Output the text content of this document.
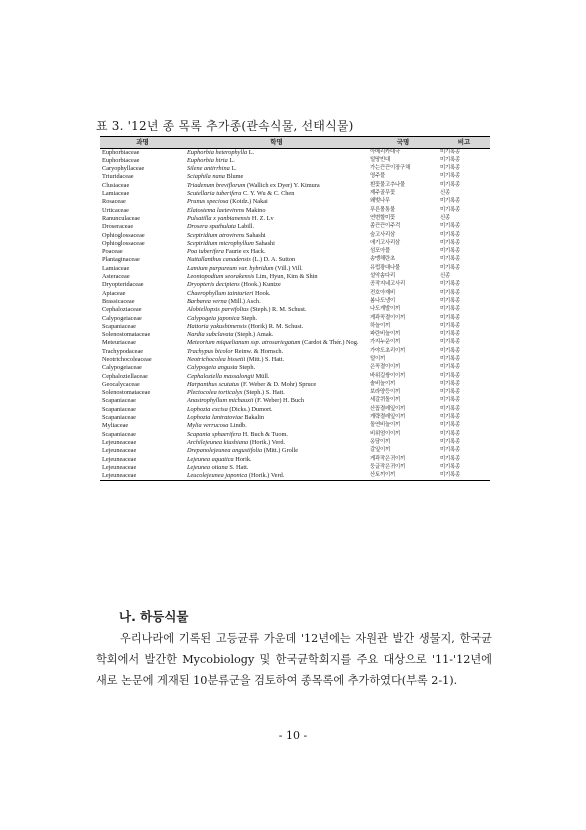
표 3. '12년 종 목록 추가종(관속식물, 선태식물)
과명	학명	국명	비고
Euphorbiaceae	Euphorbia heterophylla L.	아메리카대극	미기록종
Euphorbiaceae	Euphorbia hirta L.	털땅빈대	미기록종
Caryophyllaceae	Silene antirrhina L.	가는끈끈이장구채	미기록종
Triuridaceae	Sciaphila nana Blume	영주풀	미기록종
Clusiaceae	Triadenum breviflorum (Wallich ex Dyer) Y. Kimura	흰꽃물고추나물	미기록종
Lamiaceae	Scutellaria tuberifera C. Y. Wu & C. Chen	제주골무꽃	신종
Rosaceae	Prunus speciosa (Koidz.) Nakai	왜벚나무	미기록종
Urticaceae	Elatostema laetevirens Makino	푸른몰통물	미기록종
Ranunculaceae	Pulsatilla x yanbianensis H. Z. Lv	연변할미꽃	신종
Droseraceae	Drosera spathulata Labill.	좀끈끈이주걱	미기록종
Ophioglossaceae	Sceptridium atrovirens Sahashi	숲고사리삼	미기록종
Ophioglossaceae	Sceptridium microphyllum Sahashi	애기고사리삼	미기록종
Poaceae	Poa tuberifera Faurie ex Hack.	섬포아풀	미기록종
Plantaginaceae	Nuttallanthus canadensis (L.) D. A. Sutton	송맹해란초	미기록종
Lamiaceae	Lamium purpureum var. hybridum (Vill.) Vill.	유럽광대나물	미기록종
Asteraceae	Leontopodium seorakensis Lim, Hyun, Kim & Shin	설악솜다리	신종
Dryopteridaceae	Dryopteris decipiens (Hook.) Kuntze	공작지네고사리	미기록종
Apiaceae	Chaerophyllum tainturieri Hook.	전호아재비	미기록종
Brassicaceae	Barbarea verna (Mill.) Asch.	봄나도냉이	미기록종
Cephaloziaceae	Alobiellopsis parvifolius (Steph.) R. M. Schust.	나도게발이끼	미기록종
Calypogeiaceae	Calypogeia japonica Steph.	게곽꼭결이이끼	미기록종
Scapaniaceae	Hattoria yakushimensis (Horik) R. M. Schust.	하늘이끼	미기록종
Solenostomataceae	Nardia subclavata (Steph.) Amak.	파란비늘이끼	미기록종
Meteuriaceae	Meteorium miquelianum ssp. atrosariegatum (Cardot & Thér.) Nog.	가지누운이끼	미기록종
Trachypodaceae	Trachypus bicolor Reinw. & Hornsch.	가야도초리이끼	미기록종
Neotrichocoleaceae	Neotrichocolea bissetii (Mitt.) S. Hatt.	털이끼	미기록종
Calypogeiaceae	Calypogeia angusta Steph.	은꼭결이이끼	미기록종
Cephaloziellaceae	Cephaloziella massalongii Müll.	바위길쌍이이끼	미기록종
Geocalycaceae	Harpanthus scutatus (F. Weber & D. Mohr) Spruce	솔비늘이끼	미기록종
Solenostomataceae	Plectocolea torticalyx (Steph.) S. Hatt.	보라양등이끼	미기록종
Scapaniaceae	Anastrophyllum michauxii (F. Weber) H. Buch	세갈퀴돌이끼	미기록종
Scapaniaceae	Lophozia excisa (Dicks.) Dumort.	산꼽결레잎이끼	미기록종
Scapaniaceae	Lophozia lantratoviae Bakalin	게략결레잎이끼	미기록종
Myliaceae	Mylia verrucosa Lindb.	돌연비늘이끼	미기록종
Scapaniaceae	Scapania sphaerifera H. Buch & Tuom.	비위엄이이끼	미기록종
Lejeuneaceae	Archilejeunea kiushiana (Horik.) Verd.	옹담이끼	미기록종
Lejeuneaceae	Drepanolejeunea angustifolia (Mitt.) Grolle	갈잎이끼	미기록종
Lejeuneaceae	Lejeunea aquatica Horik.	게곽작은귀이끼	미기록종
Lejeuneaceae	Lejeunea otiana S. Hatt.	둥글작은귀이끼	미기록종
Lejeuneaceae	Leucolejeunea japonica (Horik.) Verd.	산토끼이끼	미기록종
나. 하등식물
우리나라에 기록된 고등균류 가운데 '12년에는 자원관 발간 생물지, 한국균학회에서 발간한 Mycobiology 및 한국균학회지를 주요 대상으로 '11-'12년에 새로 논문에 게재된 10분류군을 검토하여 종목록에 추가하였다(부록 2-1).
- 10 -
